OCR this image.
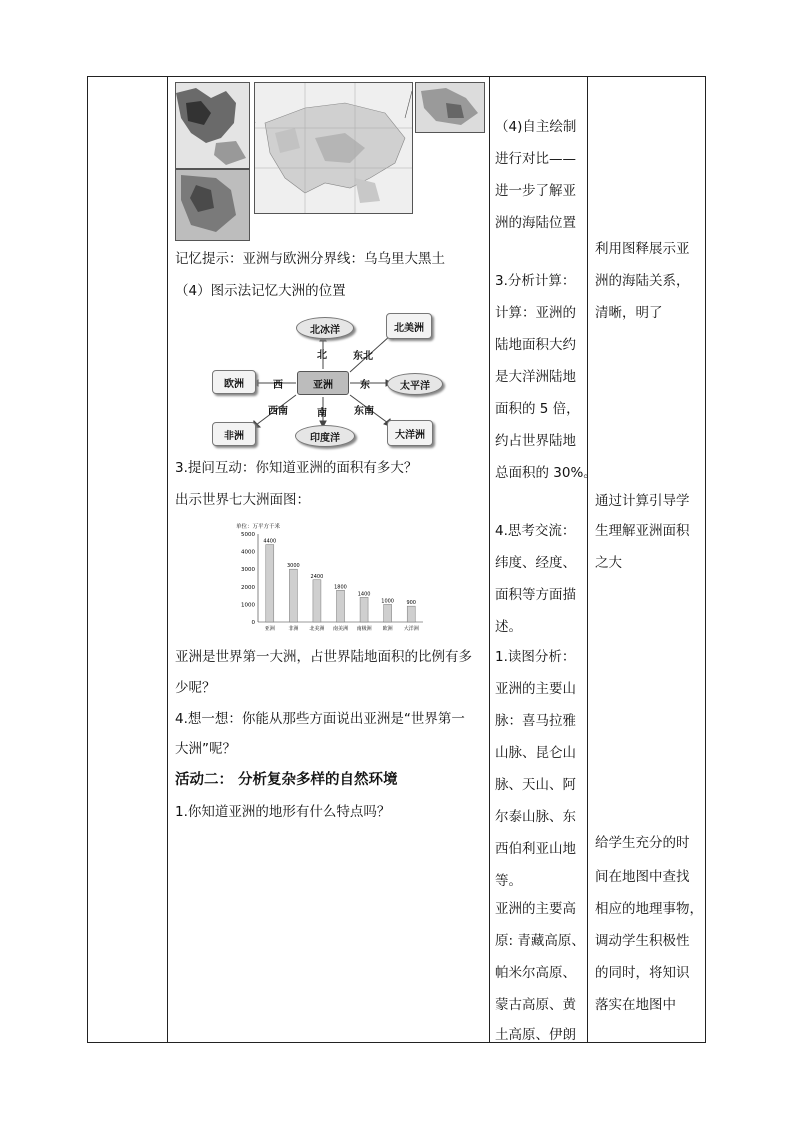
记忆提示：亚洲与欧洲分界线：乌乌里大黑土
（4）图示法记忆大洲的位置
亚洲
北冰洋	北美洲
欧洲	太平洋
非洲	印度洋	大洋洲
北	东北
西	东
西南	南	东南
3.提问互动：你知道亚洲的面积有多大？
出示世界七大洲面图：
单位：万平方千米
5000
4000
3000
2000
1000
0
4400
亚洲
3000
非洲
2400
北美洲
1800
南美洲
1400
南极洲
1000
欧洲
900
大洋洲
亚洲是世界第一大洲，占世界陆地面积的比例有多
少呢？
4.想一想：你能从那些方面说出亚洲是“世界第一
大洲”呢？
活动二： 分析复杂多样的自然环境
1.你知道亚洲的地形有什么特点吗？
（4)自主绘制
进行对比——
进一步了解亚
洲的海陆位置
3.分析计算：
计算：亚洲的
陆地面积大约
是大洋洲陆地
面积的 5 倍，
约占世界陆地
总面积的 30%。
4.思考交流：
纬度、经度、
面积等方面描
述。
1.读图分析：
亚洲的主要山
脉：喜马拉雅
山脉、昆仑山
脉、天山、阿
尔泰山脉、东
西伯利亚山地
等。
亚洲的主要高
原: 青藏高原、
帕米尔高原、
蒙古高原、黄
土高原、伊朗
利用图释展示亚
洲的海陆关系，
清晰，明了
通过计算引导学
生理解亚洲面积
之大
给学生充分的时
间在地图中查找
相应的地理事物，
调动学生积极性
的同时，将知识
落实在地图中
